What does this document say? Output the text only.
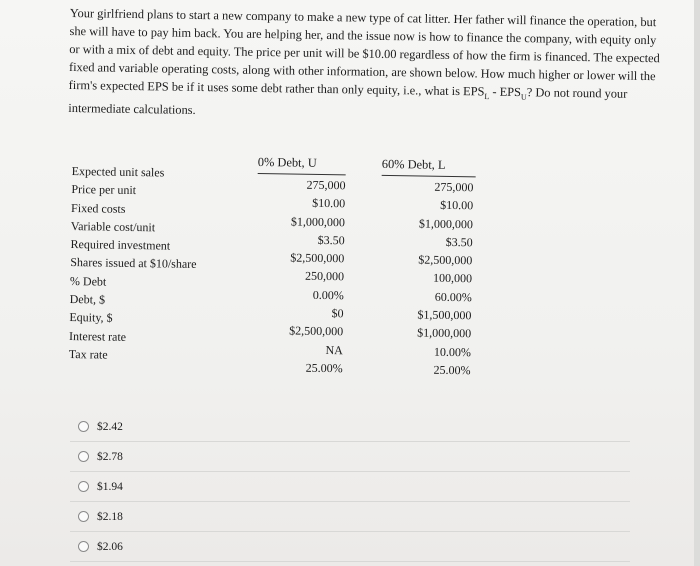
Your girlfriend plans to start a new company to make a new type of cat litter. Her father will finance the operation, but she will have to pay him back. You are helping her, and the issue now is how to finance the company, with equity only or with a mix of debt and equity. The price per unit will be $10.00 regardless of how the firm is financed. The expected fixed and variable operating costs, along with other information, are shown below. How much higher or lower will the firm's expected EPS be if it uses some debt rather than only equity, i.e., what is $EPS_L - EPS_U$? Do not round your intermediate calculations.
0% Debt, U	60% Debt, L
Expected unit sales
Price per unit
Fixed costs
Variable cost/unit
Required investment
Shares issued at $10/share
% Debt
Debt, $
Equity, $
Interest rate
Tax rate
275,000
$10.00
$1,000,000
$3.50
$2,500,000
250,000
0.00%
$0
$2,500,000
NA
25.00%
275,000
$10.00
$1,000,000
$3.50
$2,500,000
100,000
60.00%
$1,500,000
$1,000,000
10.00%
25.00%
$2.42
$2.78
$1.94
$2.18
$2.06
